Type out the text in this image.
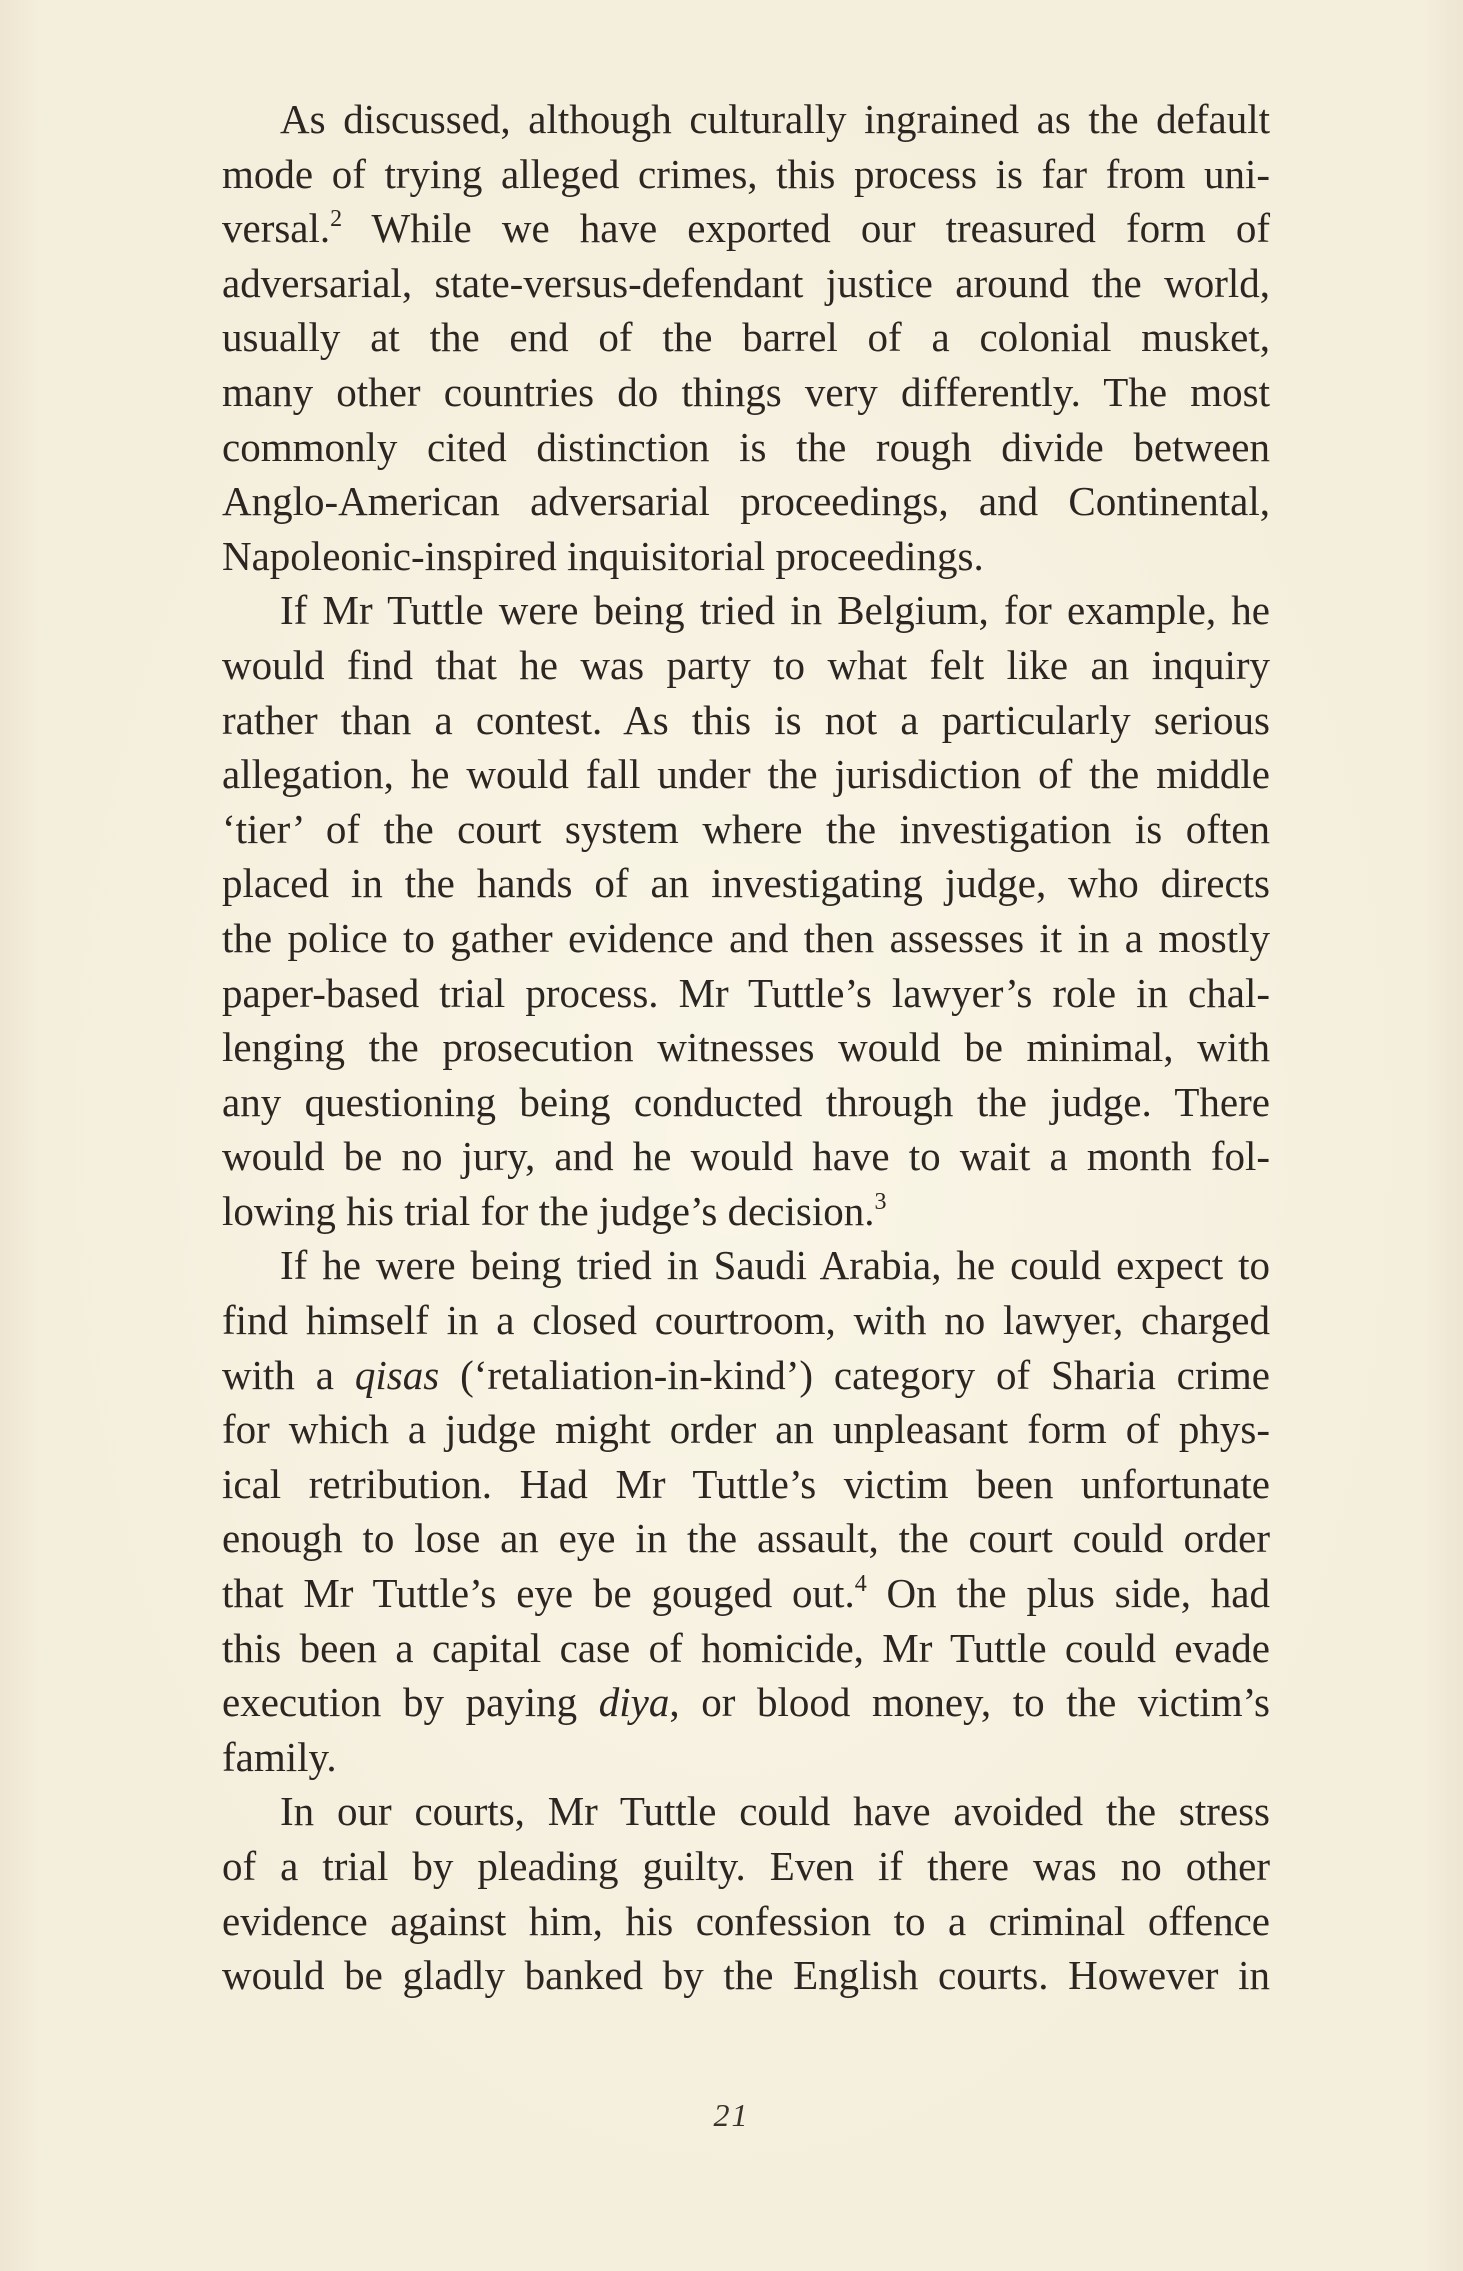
As discussed, although culturally ingrained as the default
mode of trying alleged crimes, this process is far from uni-
versal.$^2$ While we have exported our treasured form of
adversarial, state-versus-defendant justice around the world,
usually at the end of the barrel of a colonial musket,
many other countries do things very differently. The most
commonly cited distinction is the rough divide between
Anglo-American adversarial proceedings, and Continental,
Napoleonic-inspired inquisitorial proceedings.

If Mr Tuttle were being tried in Belgium, for example, he
would find that he was party to what felt like an inquiry
rather than a contest. As this is not a particularly serious
allegation, he would fall under the jurisdiction of the middle
‘tier’ of the court system where the investigation is often
placed in the hands of an investigating judge, who directs
the police to gather evidence and then assesses it in a mostly
paper-based trial process. Mr Tuttle’s lawyer’s role in chal-
lenging the prosecution witnesses would be minimal, with
any questioning being conducted through the judge. There
would be no jury, and he would have to wait a month fol-
lowing his trial for the judge’s decision.$^3$

If he were being tried in Saudi Arabia, he could expect to
find himself in a closed courtroom, with no lawyer, charged
with a qisas (‘retaliation-in-kind’) category of Sharia crime
for which a judge might order an unpleasant form of phys-
ical retribution. Had Mr Tuttle’s victim been unfortunate
enough to lose an eye in the assault, the court could order
that Mr Tuttle’s eye be gouged out.$^4$ On the plus side, had
this been a capital case of homicide, Mr Tuttle could evade
execution by paying diya, or blood money, to the victim’s
family.

In our courts, Mr Tuttle could have avoided the stress
of a trial by pleading guilty. Even if there was no other
evidence against him, his confession to a criminal offence
would be gladly banked by the English courts. However in

21
